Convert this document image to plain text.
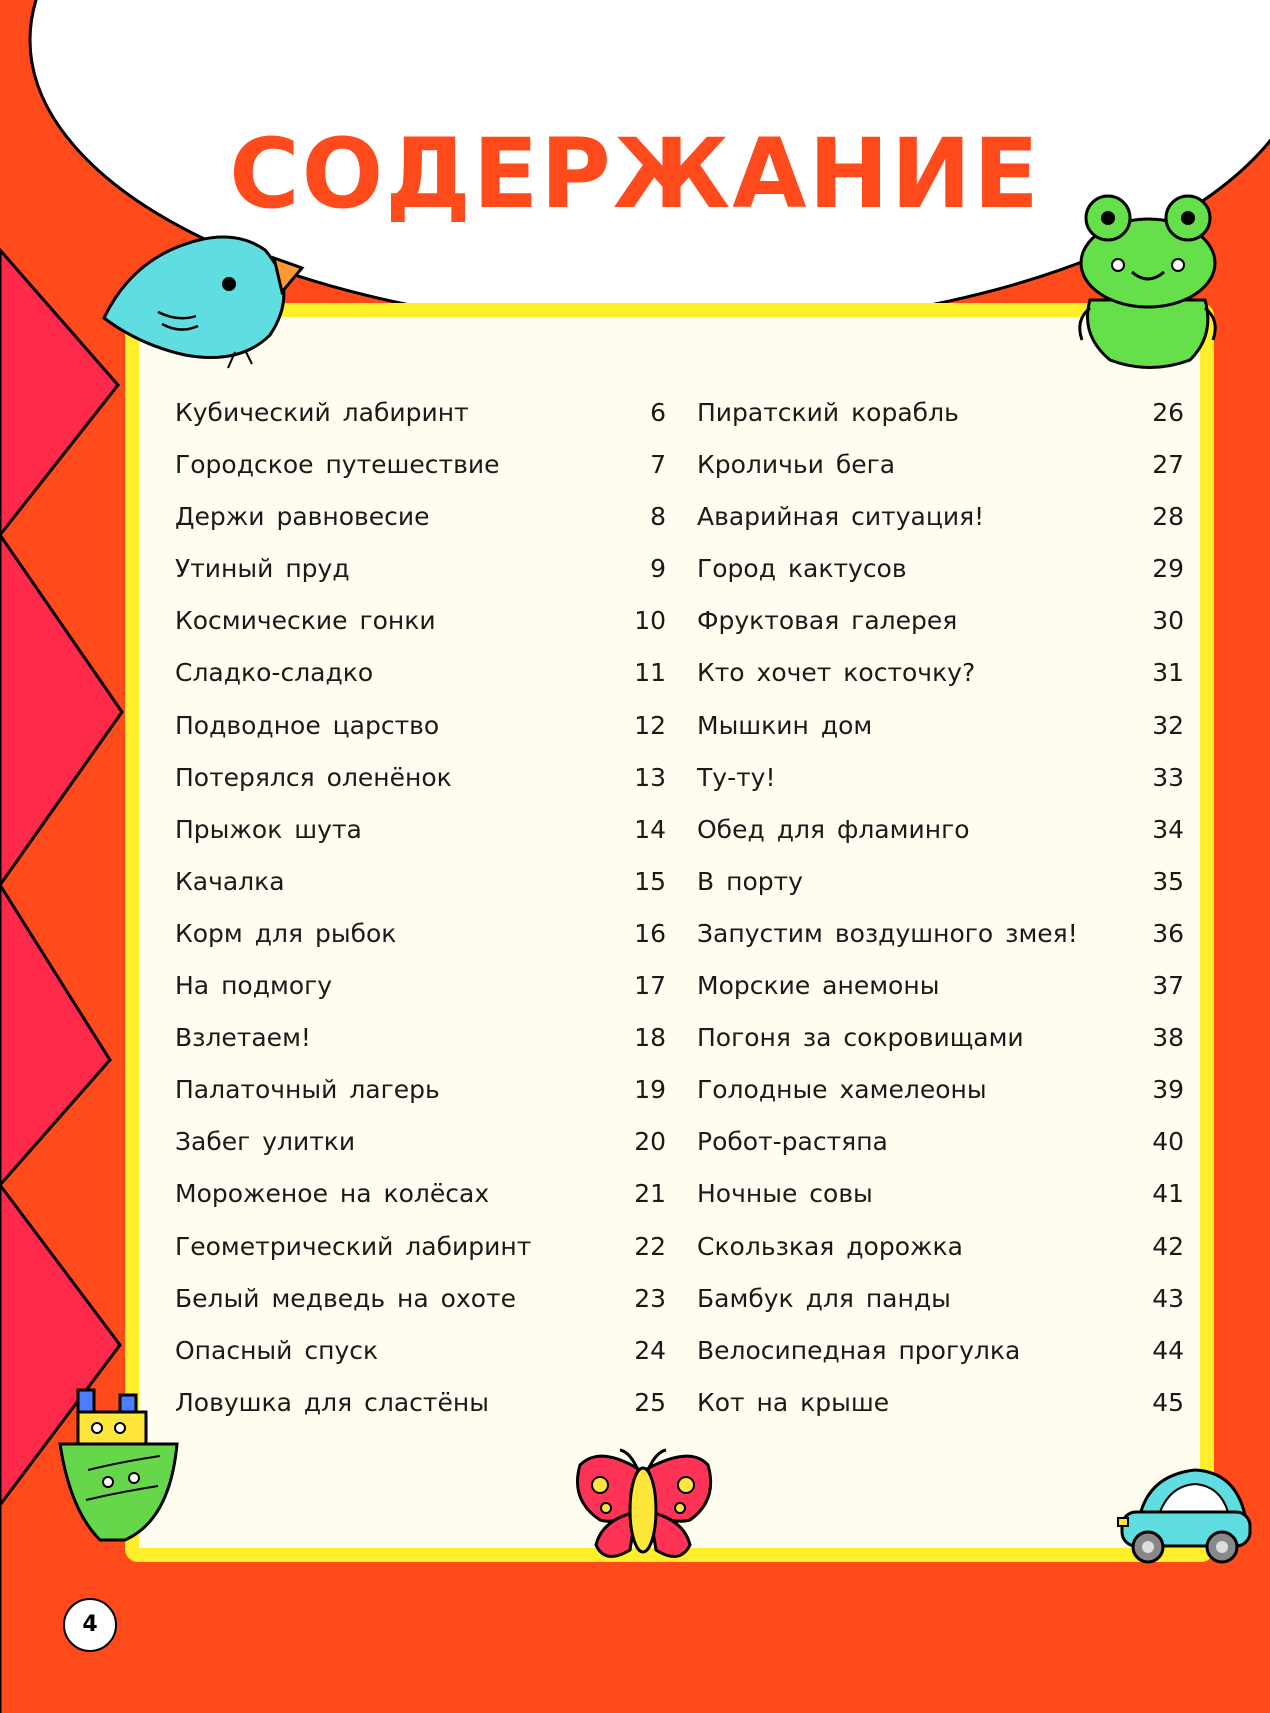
СОДЕРЖАНИЕ
Кубический лабиринт	6
Городское путешествие	7
Держи равновесие	8
Утиный пруд	9
Космические гонки	10
Сладко-сладко	11
Подводное царство	12
Потерялся оленёнок	13
Прыжок шута	14
Качалка	15
Корм для рыбок	16
На подмогу	17
Взлетаем!	18
Палаточный лагерь	19
Забег улитки	20
Мороженое на колёсах	21
Геометрический лабиринт	22
Белый медведь на охоте	23
Опасный спуск	24
Ловушка для сластёны	25
Пиратский корабль	26
Кроличьи бега	27
Аварийная ситуация!	28
Город кактусов	29
Фруктовая галерея	30
Кто хочет косточку?	31
Мышкин дом	32
Ту-ту!	33
Обед для фламинго	34
В порту	35
Запустим воздушного змея!	36
Морские анемоны	37
Погоня за сокровищами	38
Голодные хамелеоны	39
Робот-растяпа	40
Ночные совы	41
Скользкая дорожка	42
Бамбук для панды	43
Велосипедная прогулка	44
Кот на крыше	45
4
